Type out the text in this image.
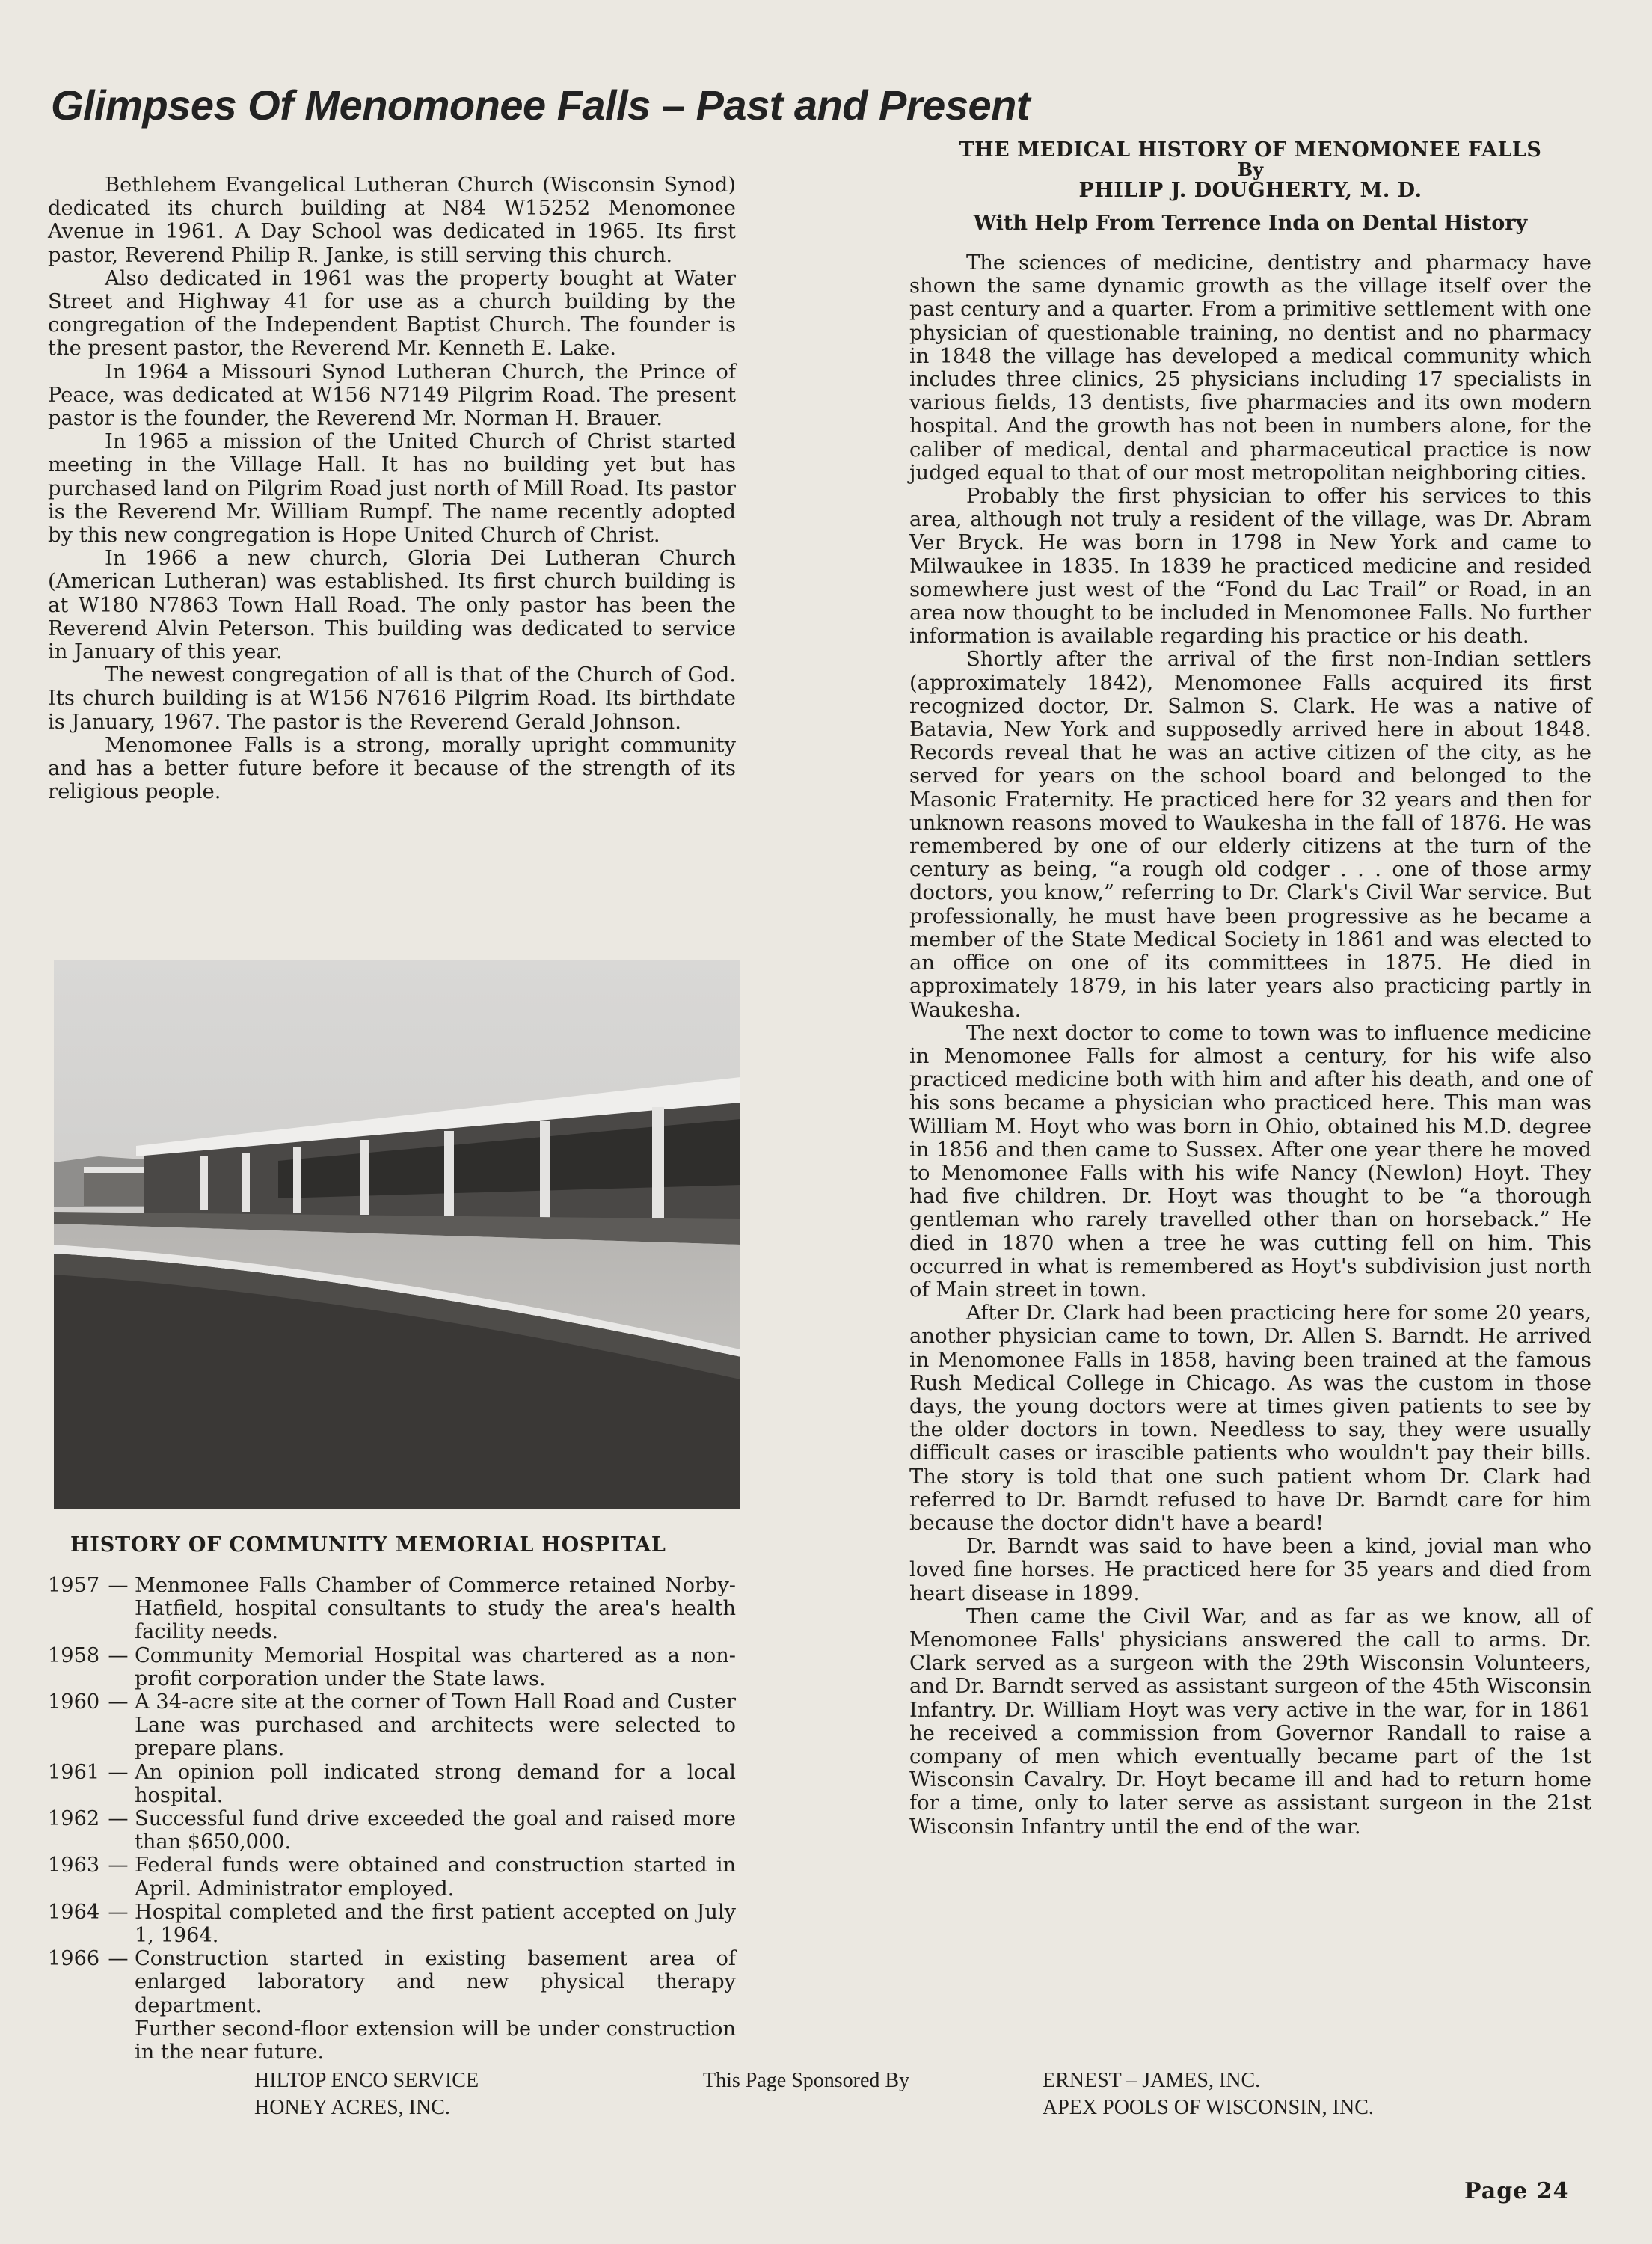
Glimpses Of Menomonee Falls – Past and Present

Bethlehem Evangelical Lutheran Church (Wisconsin Synod) dedicated its church building at N84 W15252 Menomonee Avenue in 1961. A Day School was dedicated in 1965. Its first pastor, Reverend Philip R. Janke, is still serving this church.

Also dedicated in 1961 was the property bought at Water Street and Highway 41 for use as a church building by the congregation of the Independent Baptist Church. The founder is the present pastor, the Reverend Mr. Kenneth E. Lake.

In 1964 a Missouri Synod Lutheran Church, the Prince of Peace, was dedicated at W156 N7149 Pilgrim Road. The present pastor is the founder, the Reverend Mr. Norman H. Brauer.

In 1965 a mission of the United Church of Christ started meeting in the Village Hall. It has no building yet but has purchased land on Pilgrim Road just north of Mill Road. Its pastor is the Reverend Mr. William Rumpf. The name recently adopted by this new congregation is Hope United Church of Christ.

In 1966 a new church, Gloria Dei Lutheran Church (American Lutheran) was established. Its first church building is at W180 N7863 Town Hall Road. The only pastor has been the Reverend Alvin Peterson. This building was dedicated to service in January of this year.

The newest congregation of all is that of the Church of God. Its church building is at W156 N7616 Pilgrim Road. Its birthdate is January, 1967. The pastor is the Reverend Gerald Johnson.

Menomonee Falls is a strong, morally upright community and has a better future before it because of the strength of its religious people.

HISTORY OF COMMUNITY MEMORIAL HOSPITAL
1957 — Menmonee Falls Chamber of Commerce retained Norby-Hatfield, hospital consultants to study the area's health facility needs.
1958 — Community Memorial Hospital was chartered as a non-profit corporation under the State laws.
1960 — A 34-acre site at the corner of Town Hall Road and Custer Lane was purchased and architects were selected to prepare plans.
1961 — An opinion poll indicated strong demand for a local hospital.
1962 — Successful fund drive exceeded the goal and raised more than $650,000.
1963 — Federal funds were obtained and construction started in April. Administrator employed.
1964 — Hospital completed and the first patient accepted on July 1, 1964.
1966 — Construction started in existing basement area of enlarged laboratory and new physical therapy department.
Further second-floor extension will be under construction in the near future.

THE MEDICAL HISTORY OF MENOMONEE FALLS

By

PHILIP J. DOUGHERTY, M. D.

With Help From Terrence Inda on Dental History

The sciences of medicine, dentistry and pharmacy have shown the same dynamic growth as the village itself over the past century and a quarter. From a primitive settlement with one physician of questionable training, no dentist and no pharmacy in 1848 the village has developed a medical community which includes three clinics, 25 physicians including 17 specialists in various fields, 13 dentists, five pharmacies and its own modern hospital. And the growth has not been in numbers alone, for the caliber of medical, dental and pharmaceutical practice is now judged equal to that of our most metropolitan neighboring cities.

Probably the first physician to offer his services to this area, although not truly a resident of the village, was Dr. Abram Ver Bryck. He was born in 1798 in New York and came to Milwaukee in 1835. In 1839 he practiced medicine and resided somewhere just west of the “Fond du Lac Trail” or Road, in an area now thought to be included in Menomonee Falls. No further information is available regarding his practice or his death.

Shortly after the arrival of the first non-Indian settlers (approximately 1842), Menomonee Falls acquired its first recognized doctor, Dr. Salmon S. Clark. He was a native of Batavia, New York and supposedly arrived here in about 1848. Records reveal that he was an active citizen of the city, as he served for years on the school board and belonged to the Masonic Fraternity. He practiced here for 32 years and then for unknown reasons moved to Waukesha in the fall of 1876. He was remembered by one of our elderly citizens at the turn of the century as being, “a rough old codger . . . one of those army doctors, you know,” referring to Dr. Clark's Civil War service. But professionally, he must have been progressive as he became a member of the State Medical Society in 1861 and was elected to an office on one of its committees in 1875. He died in approximately 1879, in his later years also practicing partly in Waukesha.

The next doctor to come to town was to influence medicine in Menomonee Falls for almost a century, for his wife also practiced medicine both with him and after his death, and one of his sons became a physician who practiced here. This man was William M. Hoyt who was born in Ohio, obtained his M.D. degree in 1856 and then came to Sussex. After one year there he moved to Menomonee Falls with his wife Nancy (Newlon) Hoyt. They had five children. Dr. Hoyt was thought to be “a thorough gentleman who rarely travelled other than on horseback.” He died in 1870 when a tree he was cutting fell on him. This occurred in what is remembered as Hoyt's subdivision just north of Main street in town.

After Dr. Clark had been practicing here for some 20 years, another physician came to town, Dr. Allen S. Barndt. He arrived in Menomonee Falls in 1858, having been trained at the famous Rush Medical College in Chicago. As was the custom in those days, the young doctors were at times given patients to see by the older doctors in town. Needless to say, they were usually difficult cases or irascible patients who wouldn't pay their bills. The story is told that one such patient whom Dr. Clark had referred to Dr. Barndt refused to have Dr. Barndt care for him because the doctor didn't have a beard!

Dr. Barndt was said to have been a kind, jovial man who loved fine horses. He practiced here for 35 years and died from heart disease in 1899.

Then came the Civil War, and as far as we know, all of Menomonee Falls' physicians answered the call to arms. Dr. Clark served as a surgeon with the 29th Wisconsin Volunteers, and Dr. Barndt served as assistant surgeon of the 45th Wisconsin Infantry. Dr. William Hoyt was very active in the war, for in 1861 he received a commission from Governor Randall to raise a company of men which eventually became part of the 1st Wisconsin Cavalry. Dr. Hoyt became ill and had to return home for a time, only to later serve as assistant surgeon in the 21st Wisconsin Infantry until the end of the war.

HILTOP ENCO SERVICE
HONEY ACRES, INC.
This Page Sponsored By	ERNEST – JAMES, INC.
APEX POOLS OF WISCONSIN, INC.
Page 24
